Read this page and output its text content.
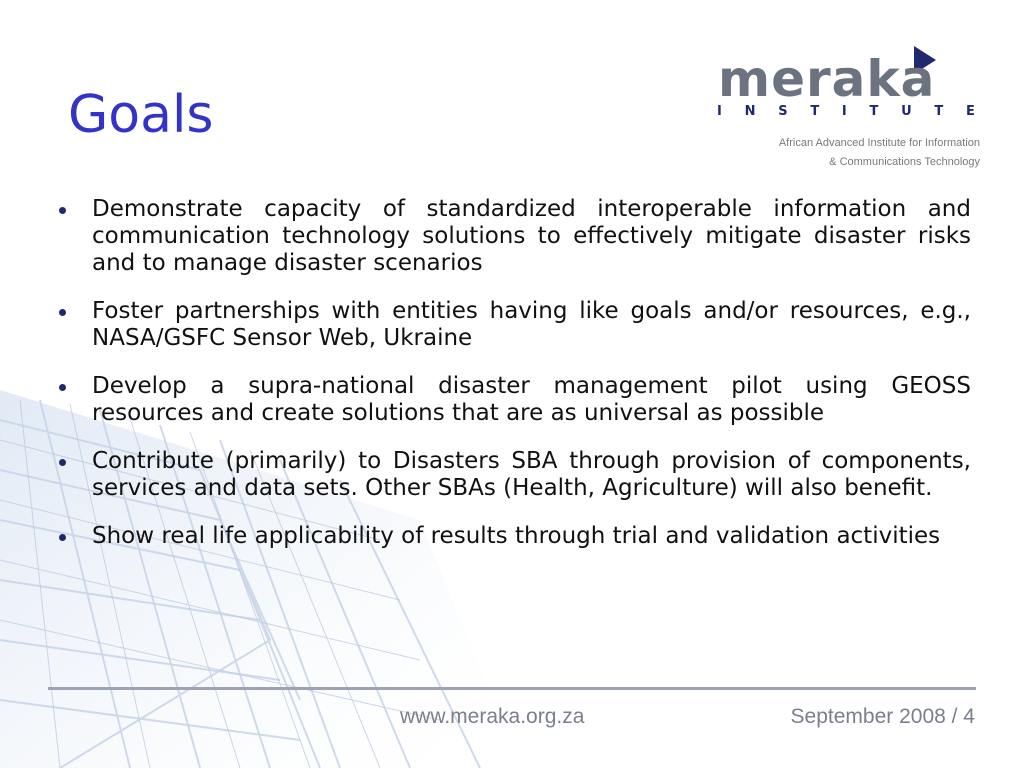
Goals
meraka
I N S T I T U T E
African Advanced Institute for Information
& Communications Technology
Demonstrate capacity of standardized interoperable information and communication technology solutions to effectively mitigate disaster risks and to manage disaster scenarios
Foster partnerships with entities having like goals and/or resources, e.g., NASA/GSFC Sensor Web, Ukraine
Develop a supra-national disaster management pilot using GEOSS resources and create solutions that are as universal as possible
Contribute (primarily) to Disasters SBA through provision of components, services and data sets. Other SBAs (Health, Agriculture) will also benefit.
Show real life applicability of results through trial and validation activities
www.meraka.org.za	September 2008 / 4
